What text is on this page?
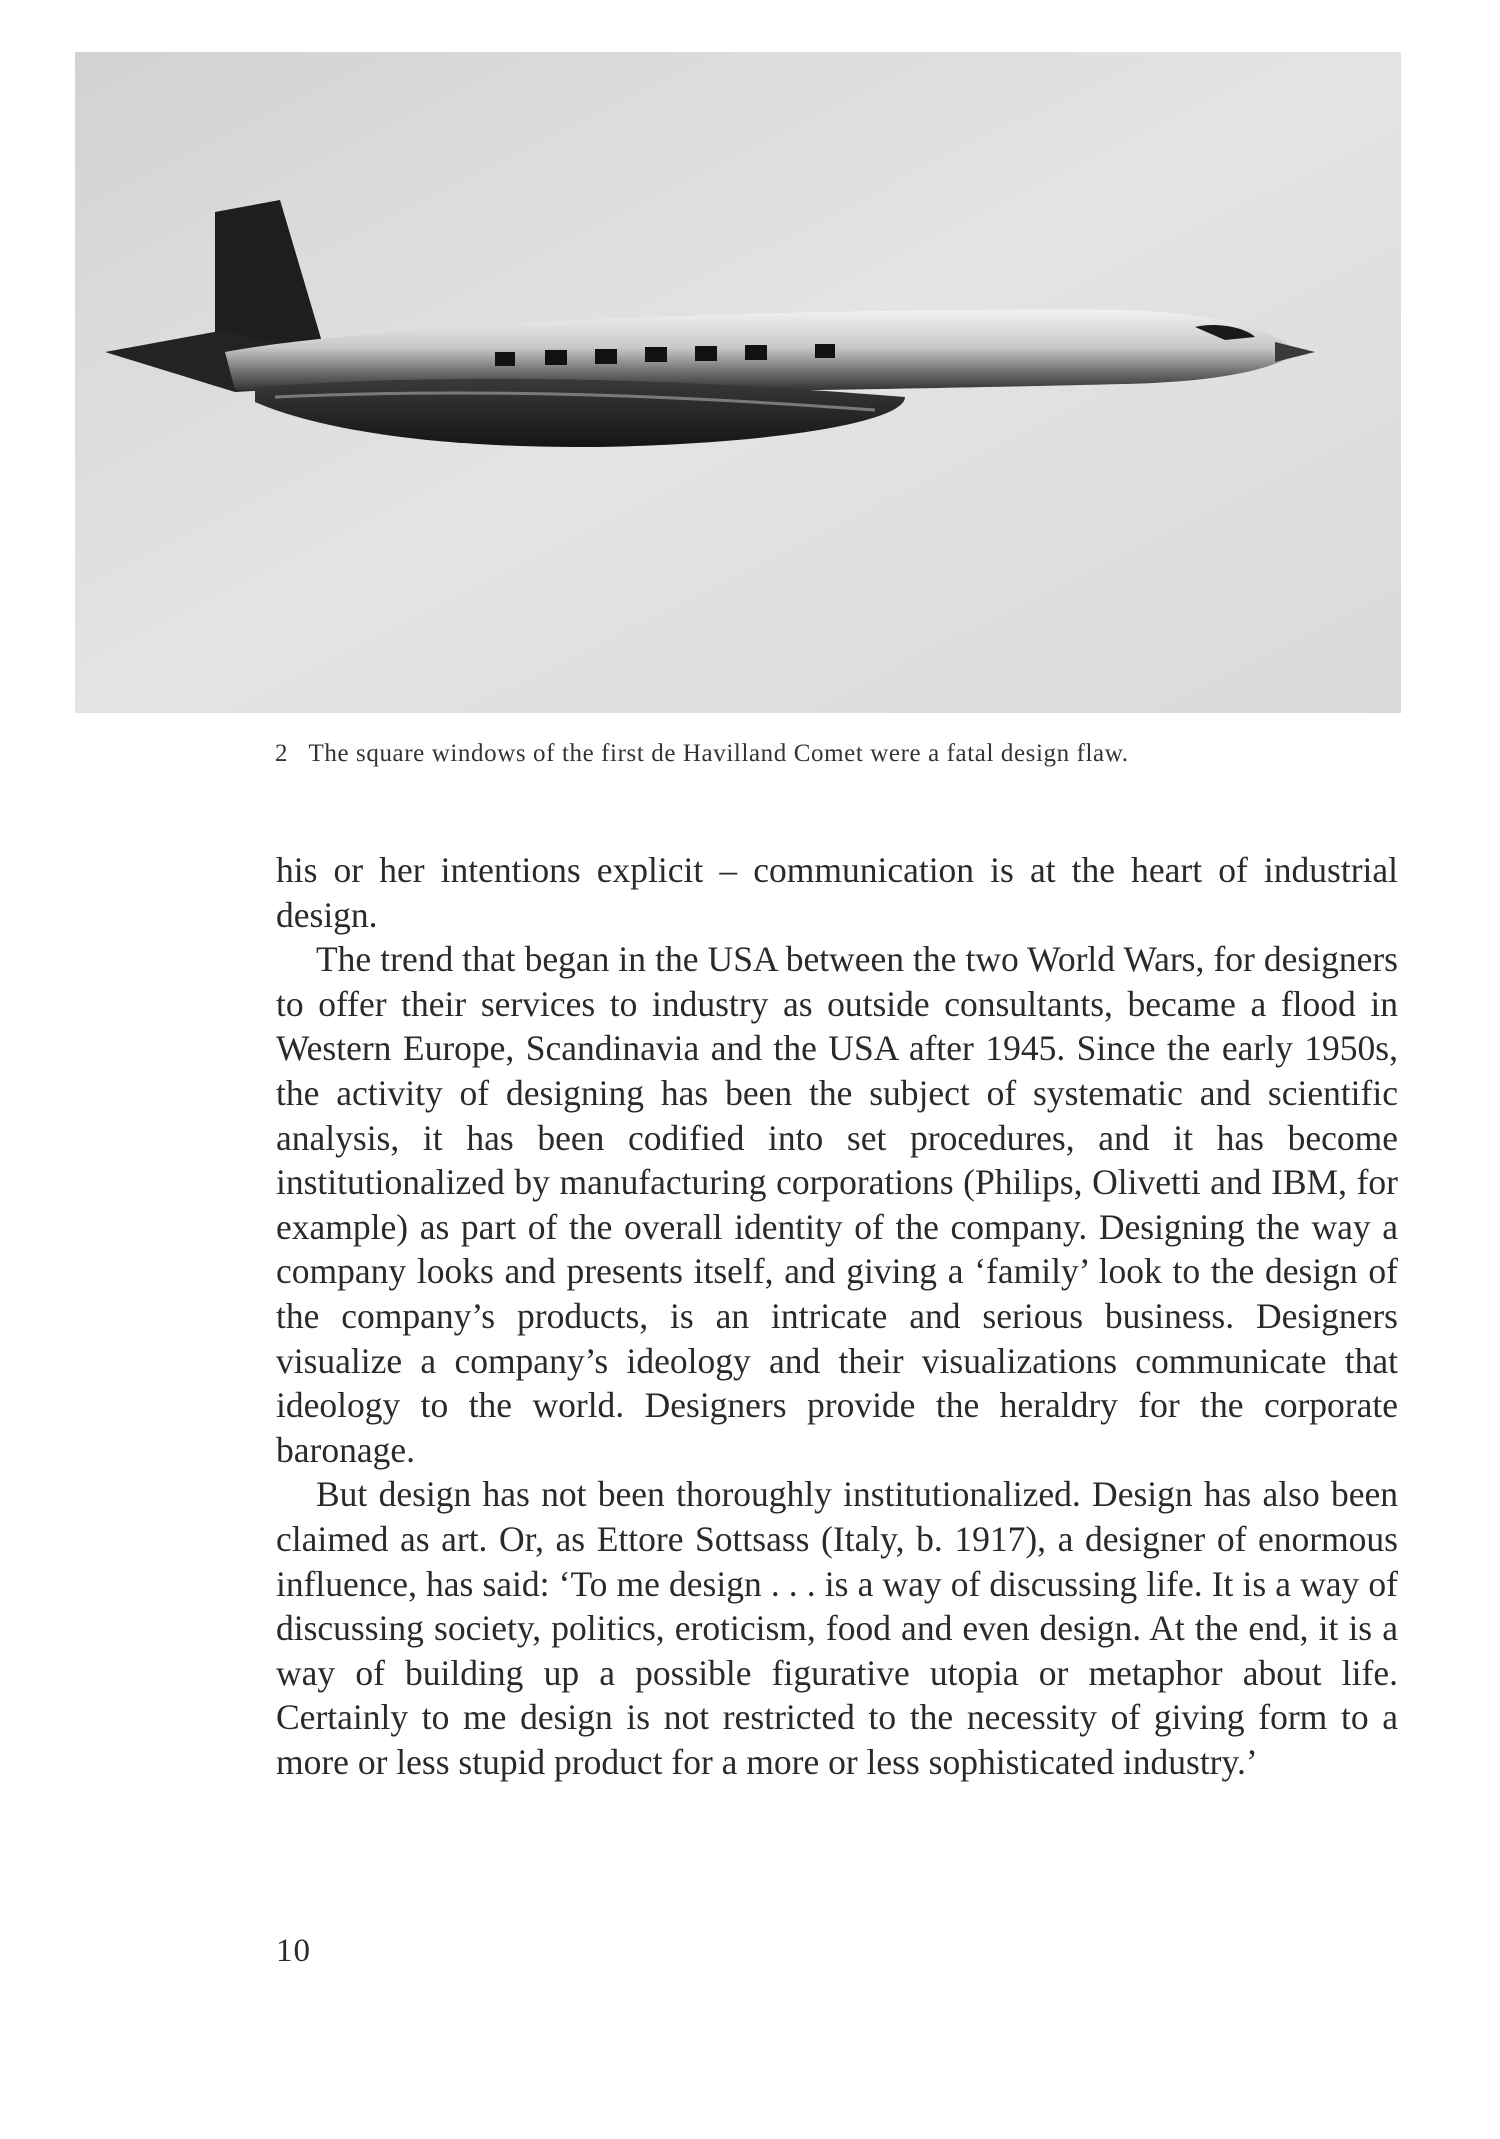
2 The square windows of the first de Havilland Comet were a fatal design flaw.

his or her intentions explicit – communication is at the heart of industrial design.

The trend that began in the USA between the two World Wars, for designers to offer their services to industry as outside consultants, became a flood in Western Europe, Scandinavia and the USA after 1945. Since the early 1950s, the activity of designing has been the subject of systematic and scientific analysis, it has been codified into set procedures, and it has become institutionalized by manufacturing corporations (Philips, Olivetti and IBM, for example) as part of the overall identity of the company. Designing the way a company looks and presents itself, and giving a ‘family’ look to the design of the company’s products, is an intricate and serious business. Designers visualize a company’s ideology and their visualizations communicate that ideology to the world. Designers provide the heraldry for the corporate baronage.

But design has not been thoroughly institutionalized. Design has also been claimed as art. Or, as Ettore Sottsass (Italy, b. 1917), a designer of enormous influence, has said: ‘To me design . . . is a way of discussing life. It is a way of discussing society, politics, eroticism, food and even design. At the end, it is a way of building up a possible figurative utopia or metaphor about life. Certainly to me design is not restricted to the necessity of giving form to a more or less stupid product for a more or less sophisticated industry.’

10
